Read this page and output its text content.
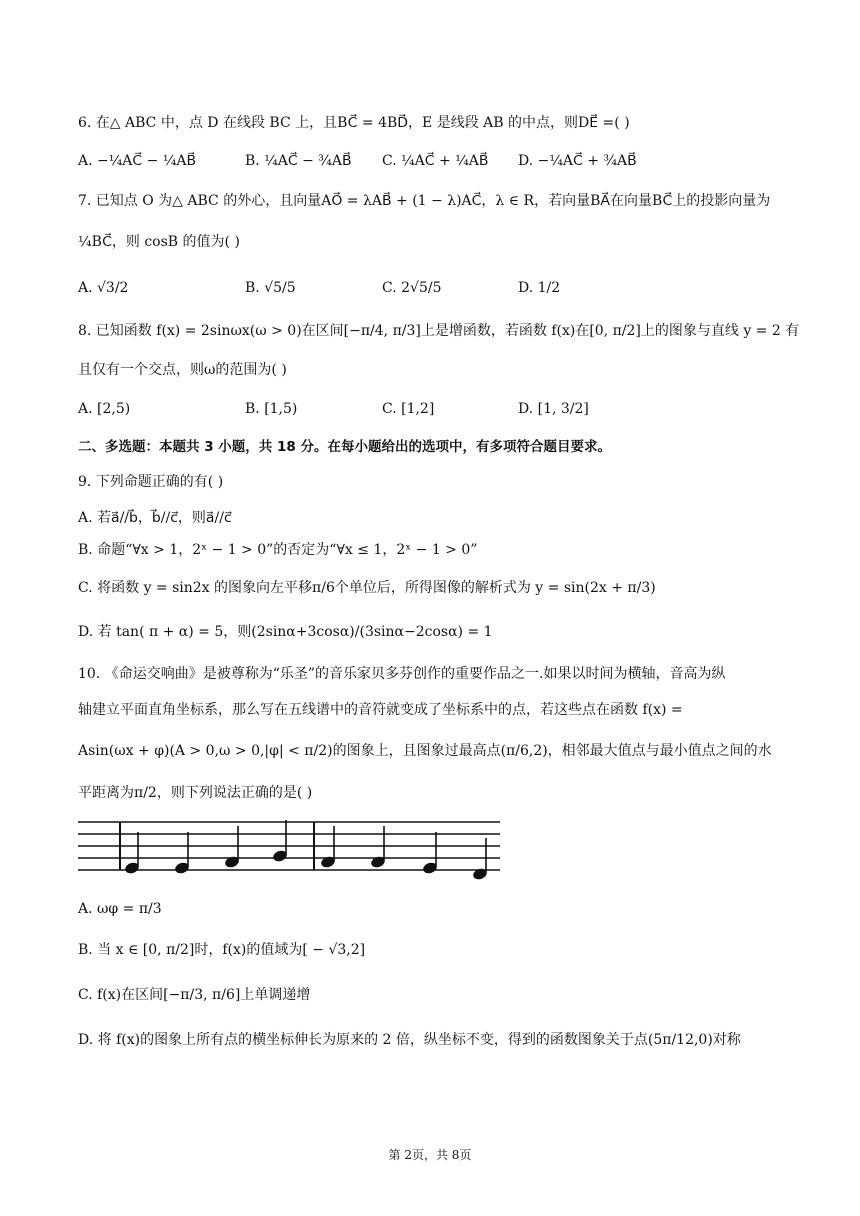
6. 在△ ABC 中，点 D 在线段 BC 上，且BC⃗ = 4BD⃗，E 是线段 AB 的中点，则DE⃗ =( )
A. −¼AC⃗ − ¼AB⃗	B. ¼AC⃗ − ¾AB⃗ C. ¼AC⃗ + ¼AB⃗ D. −¼AC⃗ + ¾AB⃗
7. 已知点 O 为△ ABC 的外心，且向量AO⃗ = λAB⃗ + (1 − λ)AC⃗，λ ∈ R，若向量BA⃗在向量BC⃗上的投影向量为
¼BC⃗，则 cosB 的值为( )
A. √3/2	B. √5/5	C. 2√5/5	D. 1/2
8. 已知函数 f(x) = 2sinωx(ω > 0)在区间[−π/4, π/3]上是增函数，若函数 f(x)在[0, π/2]上的图象与直线 y = 2 有
且仅有一个交点，则ω的范围为( )
A. [2,5)	B. [1,5)	C. [1,2]	D. [1, 3/2]
二、多选题：本题共 3 小题，共 18 分。在每小题给出的选项中，有多项符合题目要求。
9. 下列命题正确的有( )
A. 若a⃗//b⃗，b⃗//c⃗，则a⃗//c⃗
B. 命题“∀x > 1，2ˣ − 1 > 0”的否定为“∀x ≤ 1，2ˣ − 1 > 0”
C. 将函数 y = sin2x 的图象向左平移π/6个单位后，所得图像的解析式为 y = sin(2x + π/3)
D. 若 tan( π + α) = 5，则(2sinα+3cosα)/(3sinα−2cosα) = 1
10. 《命运交响曲》是被尊称为“乐圣”的音乐家贝多芬创作的重要作品之一.如果以时间为横轴，音高为纵
轴建立平面直角坐标系，那么写在五线谱中的音符就变成了坐标系中的点，若这些点在函数 f(x) =
Asin(ωx + φ)(A > 0,ω > 0,|φ| < π/2)的图象上，且图象过最高点(π/6,2)，相邻最大值点与最小值点之间的水
平距离为π/2，则下列说法正确的是( )
A. ωφ = π/3
B. 当 x ∈ [0, π/2]时，f(x)的值域为[ − √3,2]
C. f(x)在区间[−π/3, π/6]上单调递增
D. 将 f(x)的图象上所有点的横坐标伸长为原来的 2 倍，纵坐标不变，得到的函数图象关于点(5π/12,0)对称
第 2页，共 8页
